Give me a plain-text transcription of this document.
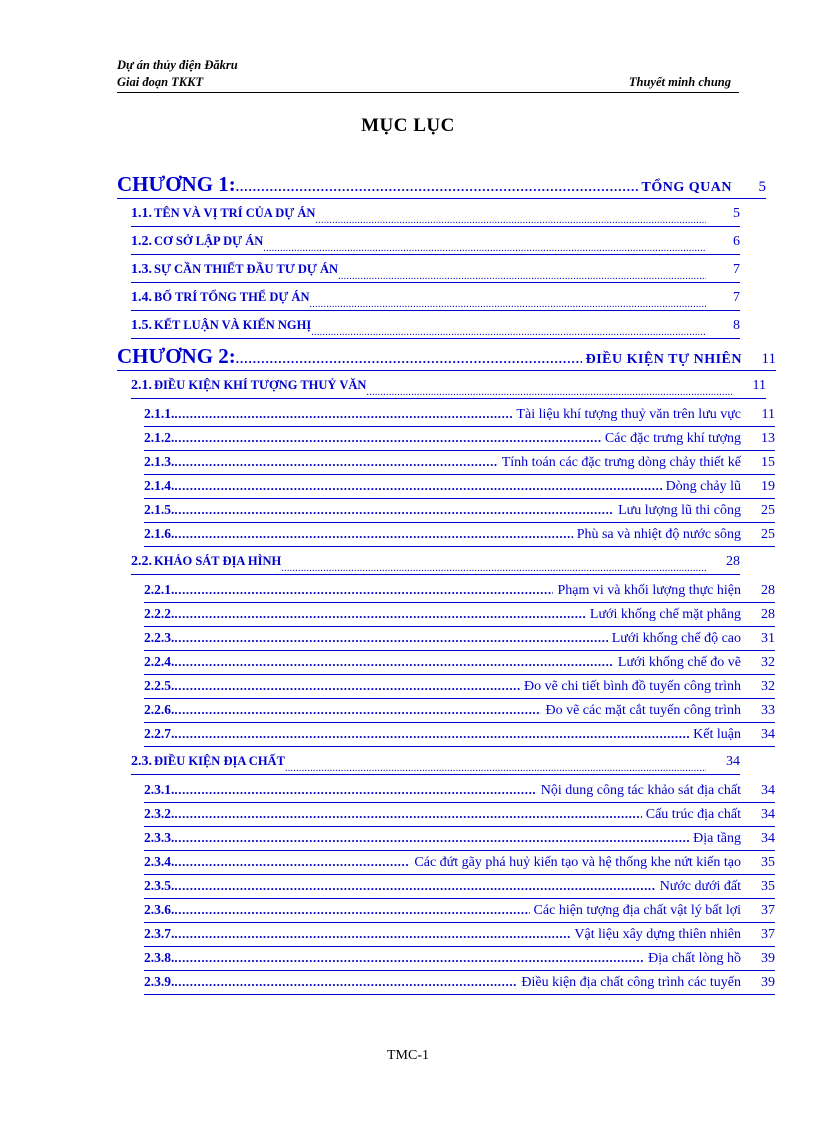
Dự án thủy điện Đăkru
Giai đoạn TKKT	Thuyết minh chung
MỤC LỤC
CHƯƠNG 1: .....	TỔNG QUAN	5
1.1. TÊN VÀ VỊ TRÍ CỦA DỰ ÁN .....	5
1.2. CƠ SỞ LẬP DỰ ÁN .....	6
1.3. SỰ CẦN THIẾT ĐẦU TƯ DỰ ÁN .....	7
1.4. BỐ TRÍ TỔNG THỂ DỰ ÁN .....	7
1.5. KẾT LUẬN VÀ KIẾN NGHỊ .....	8
CHƯƠNG 2: .....	ĐIỀU KIỆN TỰ NHIÊN	11
2.1. ĐIỀU KIỆN KHÍ TƯỢNG THUỶ VĂN .....	11
2.1.1. .....	Tài liệu khí tượng thuỷ văn trên lưu vực	11
2.1.2. .....	Các đặc trưng khí tượng	13
2.1.3. .....	Tính toán các đặc trưng dòng chảy thiết kế	15
2.1.4. .....	Dòng chảy lũ	19
2.1.5. .....	Lưu lượng lũ thi công	25
2.1.6. .....	Phù sa và nhiệt độ nước sông	25
2.2. KHẢO SÁT ĐỊA HÌNH .....	28
2.2.1. .....	Phạm vi và khối lượng thực hiện	28
2.2.2. .....	Lưới khống chế mặt phẳng	28
2.2.3. .....	Lưới khống chế độ cao	31
2.2.4. .....	Lưới khống chế đo vẽ	32
2.2.5. .....	Đo vẽ chi tiết bình đồ tuyến công trình	32
2.2.6. .....	Đo vẽ các mặt cắt tuyến công trình	33
2.2.7. .....	Kết luận	34
2.3. ĐIỀU KIỆN ĐỊA CHẤT .....	34
2.3.1. .....	Nội dung công tác khảo sát địa chất	34
2.3.2. .....	Cấu trúc địa chất	34
2.3.3. .....	Địa tầng	34
2.3.4. .....	Các đứt gãy phá huỷ kiến tạo và hệ thống khe nứt kiến tạo	35
2.3.5. .....	Nước dưới đất	35
2.3.6. .....	Các hiện tượng địa chất vật lý bất lợi	37
2.3.7. .....	Vật liệu xây dựng thiên nhiên	37
2.3.8. .....	Địa chất lòng hồ	39
2.3.9. .....	Điều kiện địa chất công trình các tuyến	39
TMC-1
